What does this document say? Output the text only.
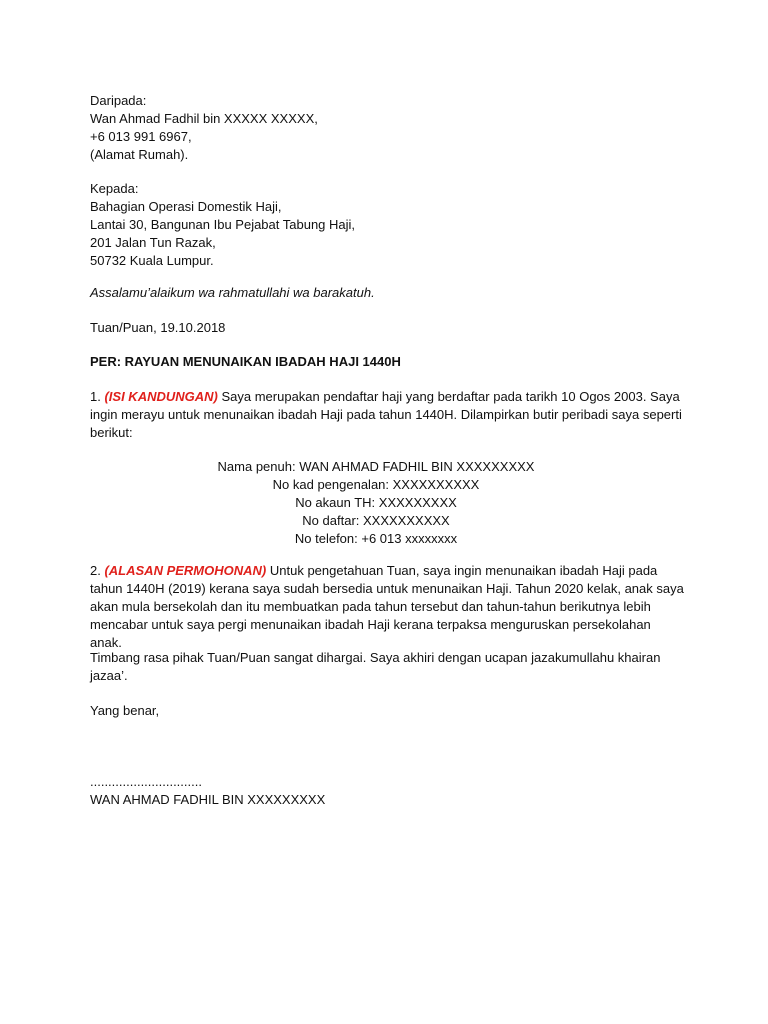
Daripada:
Wan Ahmad Fadhil bin XXXXX XXXXX,
+6 013 991 6967,
(Alamat Rumah).
Kepada:
Bahagian Operasi Domestik Haji,
Lantai 30, Bangunan Ibu Pejabat Tabung Haji,
201 Jalan Tun Razak,
50732 Kuala Lumpur.
Assalamu’alaikum wa rahmatullahi wa barakatuh.
Tuan/Puan, 19.10.2018
PER: RAYUAN MENUNAIKAN IBADAH HAJI 1440H

1. (ISI KANDUNGAN) Saya merupakan pendaftar haji yang berdaftar pada tarikh 10 Ogos 2003. Saya ingin merayu untuk menunaikan ibadah Haji pada tahun 1440H. Dilampirkan butir peribadi saya seperti berikut:

Nama penuh: WAN AHMAD FADHIL BIN XXXXXXXXX
No kad pengenalan: XXXXXXXXXX
No akaun TH: XXXXXXXXX
No daftar: XXXXXXXXXX
No telefon: +6 013 xxxxxxxx

2. (ALASAN PERMOHONAN) Untuk pengetahuan Tuan, saya ingin menunaikan ibadah Haji pada tahun 1440H (2019) kerana saya sudah bersedia untuk menunaikan Haji. Tahun 2020 kelak, anak saya akan mula bersekolah dan itu membuatkan pada tahun tersebut dan tahun-tahun berikutnya lebih mencabar untuk saya pergi menunaikan ibadah Haji kerana terpaksa menguruskan persekolahan anak.

Timbang rasa pihak Tuan/Puan sangat dihargai. Saya akhiri dengan ucapan jazakumullahu khairan jazaa’.

Yang benar,
...............................
WAN AHMAD FADHIL BIN XXXXXXXXX
